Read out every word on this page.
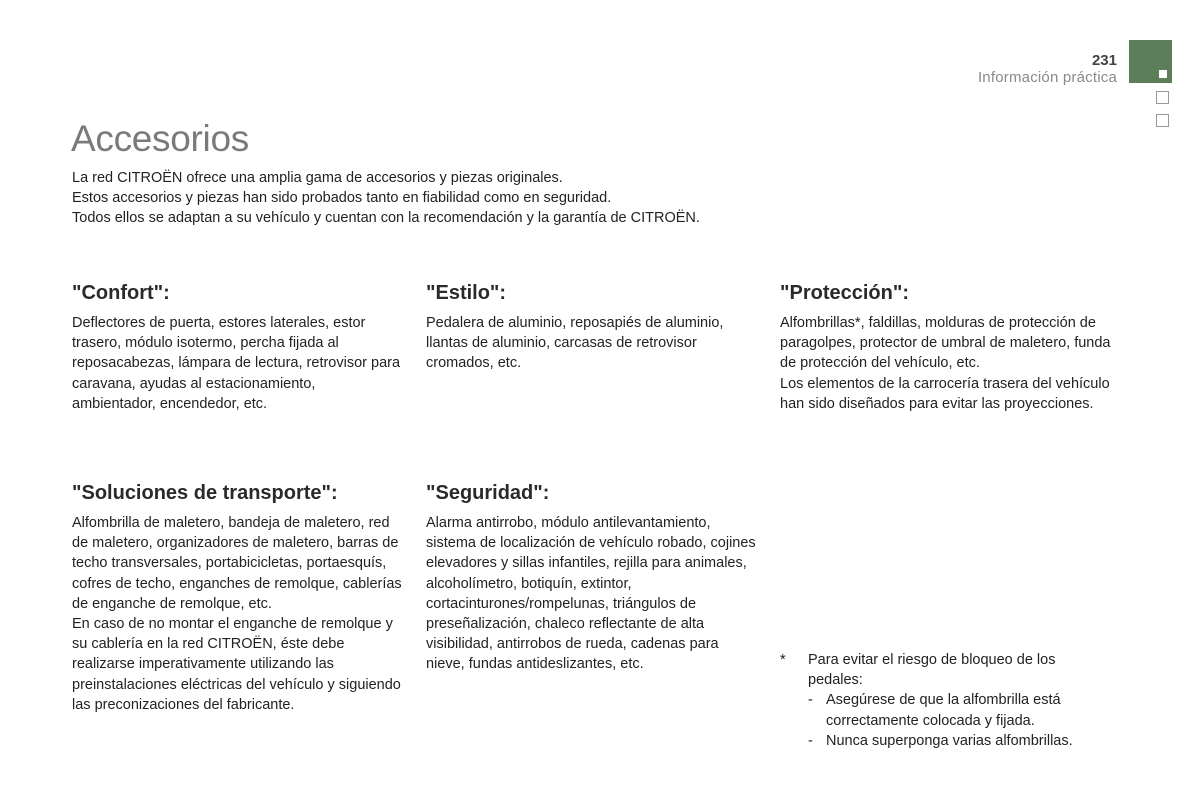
231
Información práctica
Accesorios

La red CITROËN ofrece una amplia gama de accesorios y piezas originales.

Estos accesorios y piezas han sido probados tanto en fiabilidad como en seguridad.

Todos ellos se adaptan a su vehículo y cuentan con la recomendación y la garantía de CITROËN.

"Confort":

Deflectores de puerta, estores laterales, estor trasero, módulo isotermo, percha fijada al reposacabezas, lámpara de lectura, retrovisor para caravana, ayudas al estacionamiento, ambientador, encendedor, etc.

"Estilo":

Pedalera de aluminio, reposapiés de aluminio, llantas de aluminio, carcasas de retrovisor cromados, etc.

"Protección":

Alfombrillas*, faldillas, molduras de protección de paragolpes, protector de umbral de maletero, funda de protección del vehículo, etc.

Los elementos de la carrocería trasera del vehículo han sido diseñados para evitar las proyecciones.

"Soluciones de transporte":

Alfombrilla de maletero, bandeja de maletero, red de maletero, organizadores de maletero, barras de techo transversales, portabicicletas, portaesquís, cofres de techo, enganches de remolque, cablerías de enganche de remolque, etc.

En caso de no montar el enganche de remolque y su cablería en la red CITROËN, éste debe realizarse imperativamente utilizando las preinstalaciones eléctricas del vehículo y siguiendo las preconizaciones del fabricante.

"Seguridad":

Alarma antirrobo, módulo antilevantamiento, sistema de localización de vehículo robado, cojines elevadores y sillas infantiles, rejilla para animales, alcoholímetro, botiquín, extintor, cortacinturones/rompelunas, triángulos de preseñalización, chaleco reflectante de alta visibilidad, antirrobos de rueda, cadenas para nieve, fundas antideslizantes, etc.	*	Para evitar el riesgo de bloqueo de los pedales:
- Asegúrese de que la alfombrilla está correctamente colocada y fijada.
- Nunca superponga varias alfombrillas.
